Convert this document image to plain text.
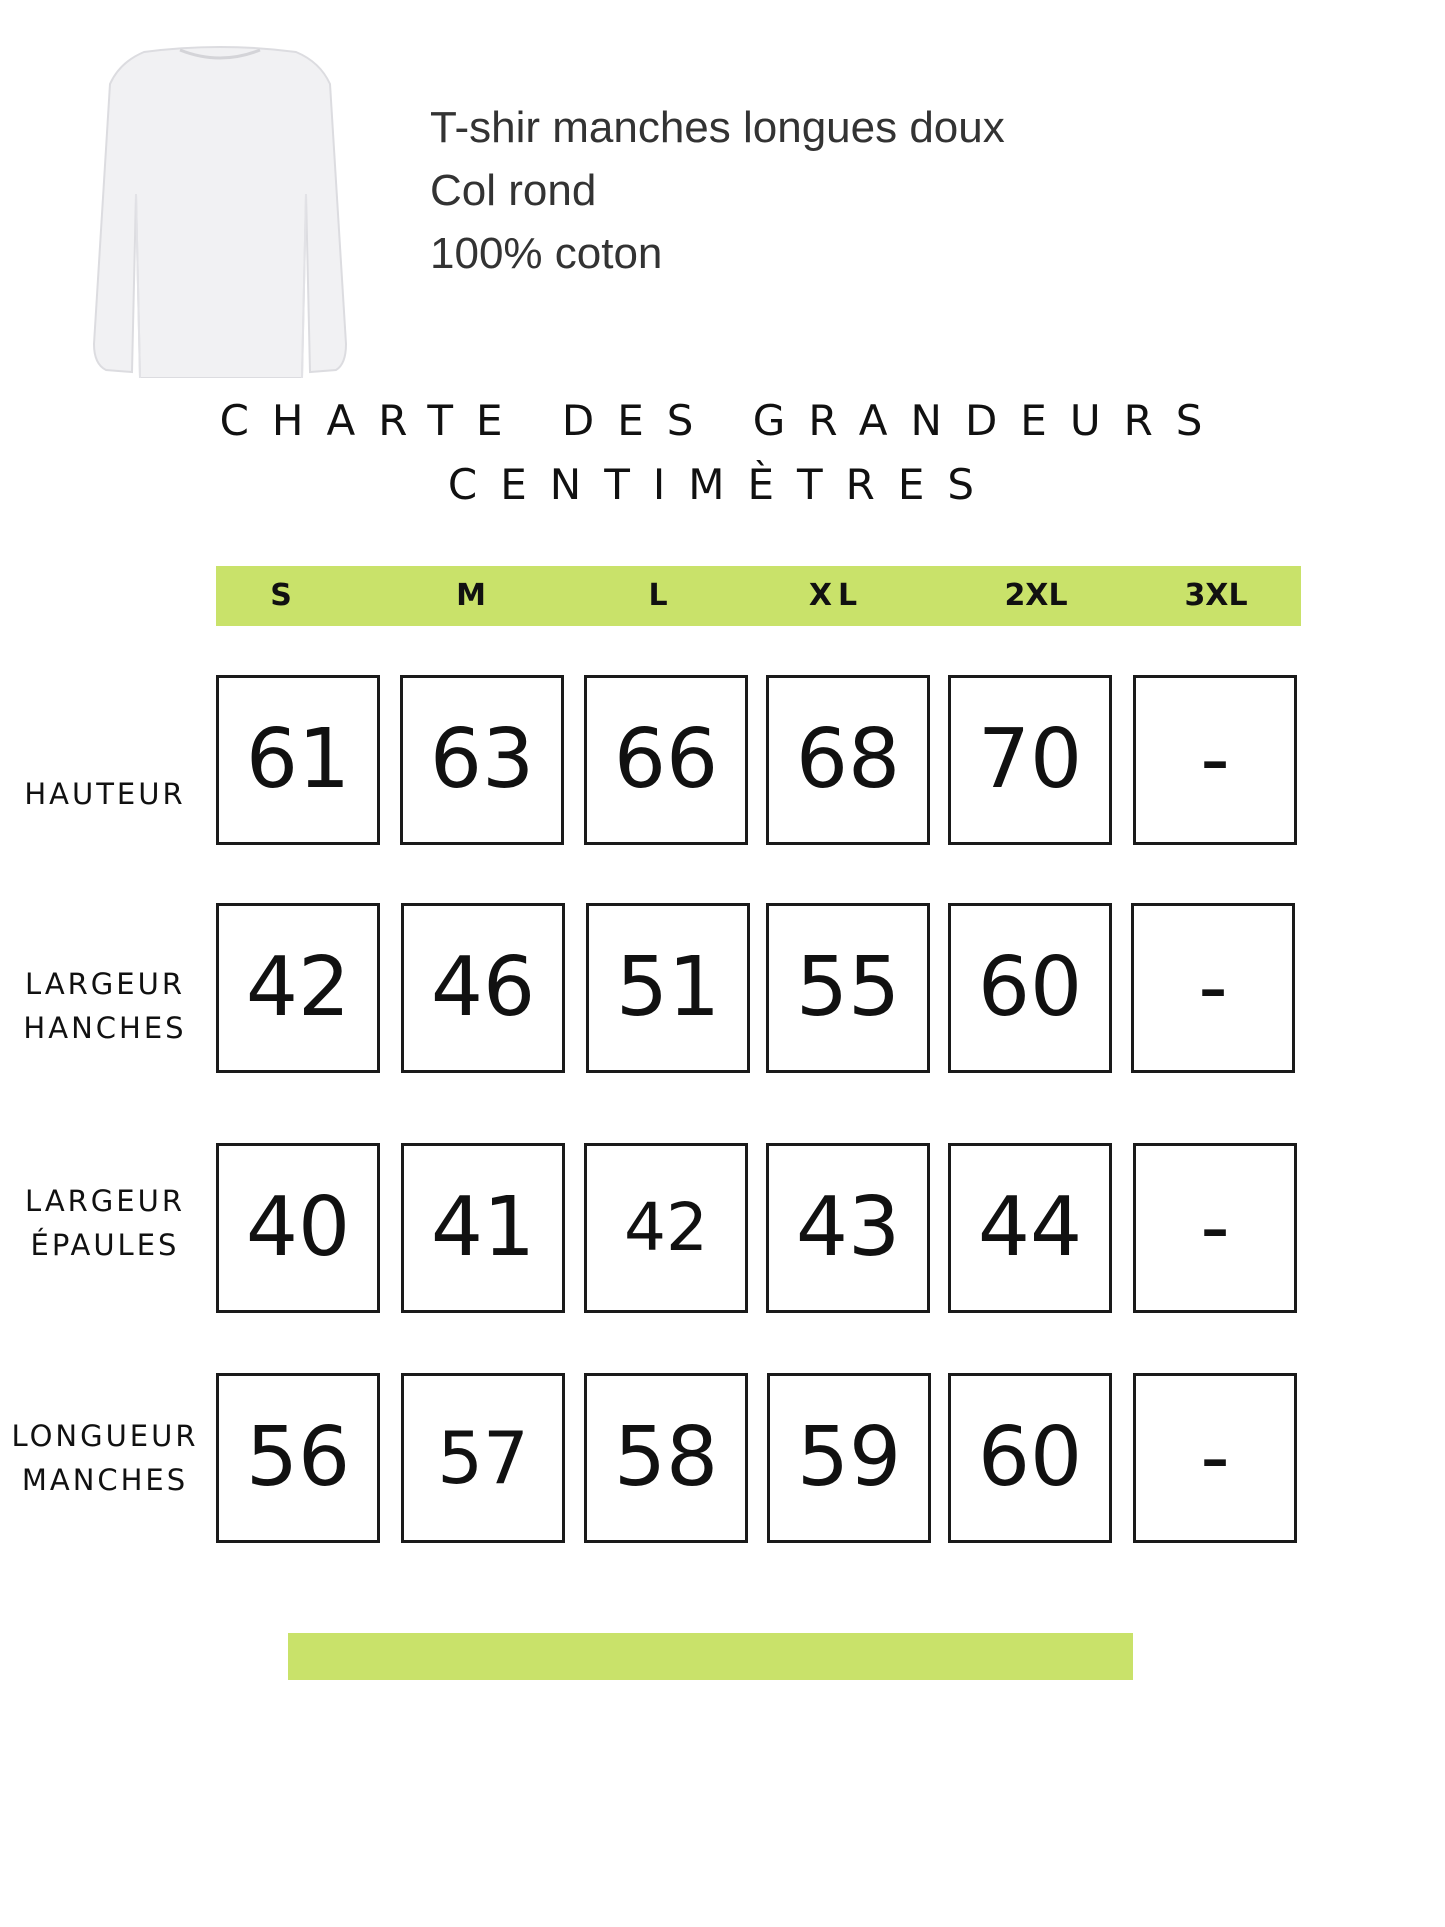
T-shir manches longues doux
Col rond
100% coton
CHARTE DES GRANDEURS
CENTIMÈTRES
S	M	L	XL	2XL	3XL
HAUTEUR 61 63 66 68 70 -
LARGEUR
HANCHES 42 46 51 55 60 -
LARGEUR
ÉPAULES 40 41 42 43 44 -
LONGUEUR
MANCHES 56 57 58 59 60 -
